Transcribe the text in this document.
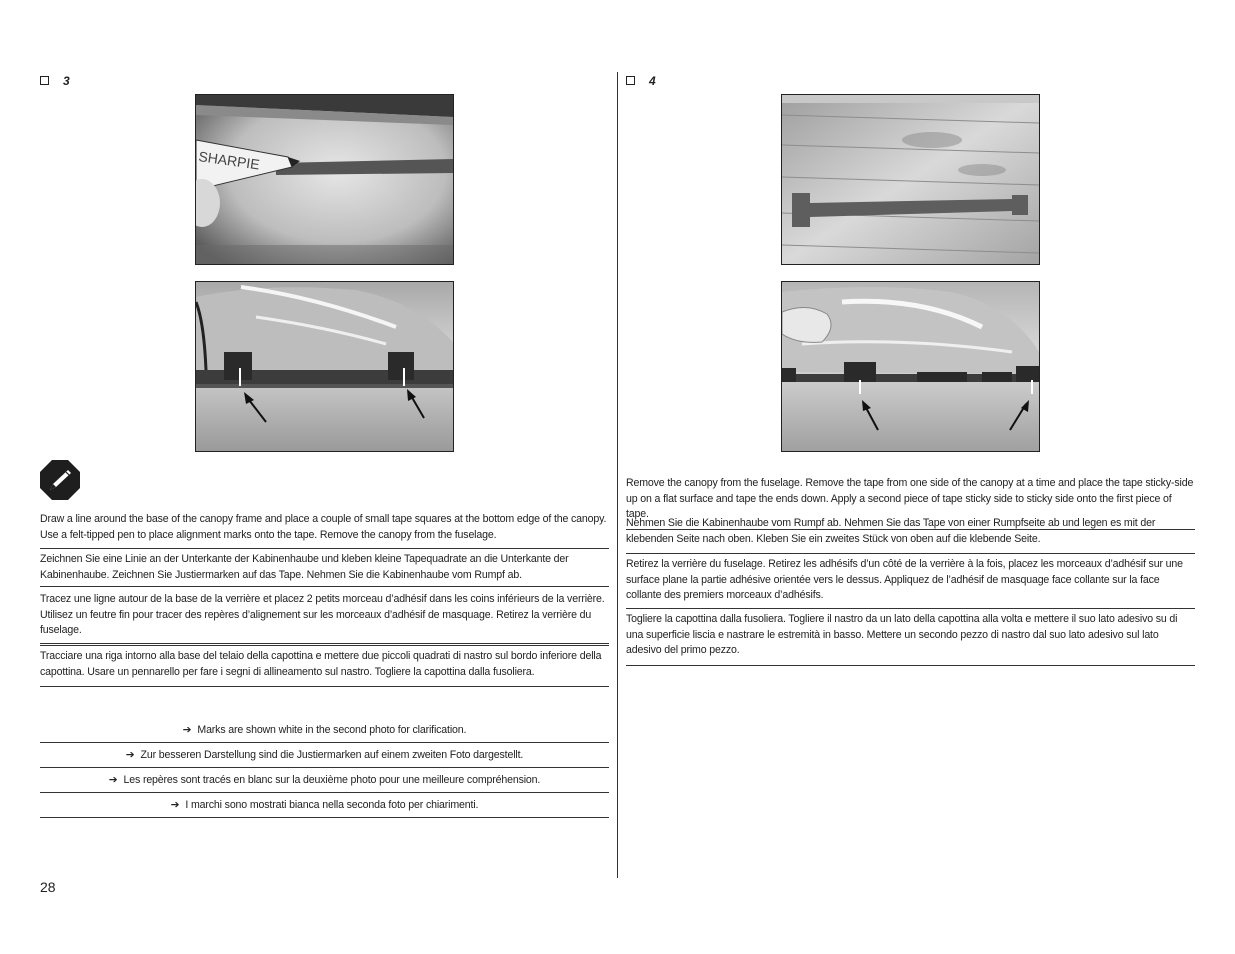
3
SHARPIE
Draw a line around the base of the canopy frame and place a couple of small tape squares at the bottom edge of the canopy. Use a felt-tipped pen to place alignment marks onto the tape. Remove the canopy from the fuselage.
Zeichnen Sie eine Linie an der Unterkante der Kabinenhaube und kleben kleine Tapequadrate an die Unterkante der Kabinenhaube. Zeichnen Sie Justiermarken auf das Tape. Nehmen Sie die Kabinenhaube vom Rumpf ab.
Tracez une ligne autour de la base de la verrière et placez 2 petits morceau d’adhésif dans les coins inférieurs de la verrière. Utilisez un feutre fin pour tracer des repères d’alignement sur les morceaux d’adhésif de masquage. Retirez la verrière du fuselage.
Tracciare una riga intorno alla base del telaio della capottina e mettere due piccoli quadrati di nastro sul bordo inferiore della capottina. Usare un pennarello per fare i segni di allineamento sul nastro. Togliere la capottina dalla fusoliera.
➔ Marks are shown white in the second photo for clarification.
➔ Zur besseren Darstellung sind die Justiermarken auf einem zweiten Foto dargestellt.
➔ Les repères sont tracés en blanc sur la deuxième photo pour une meilleure compréhension.
➔ I marchi sono mostrati bianca nella seconda foto per chiarimenti.
4
Remove the canopy from the fuselage. Remove the tape from one side of the canopy at a time and place the tape sticky-side up on a flat surface and tape the ends down. Apply a second piece of tape sticky side to sticky side onto the first piece of tape.
Nehmen Sie die Kabinenhaube vom Rumpf ab. Nehmen Sie das Tape von einer Rumpfseite ab und legen es mit der klebenden Seite nach oben. Kleben Sie ein zweites Stück von oben auf die klebende Seite.
Retirez la verrière du fuselage. Retirez les adhésifs d’un côté de la verrière à la fois, placez les morceaux d’adhésif sur une surface plane la partie adhésive orientée vers le dessus. Appliquez de l’adhésif de masquage face collante sur la face collante des premiers morceaux d’adhésifs.
Togliere la capottina dalla fusoliera. Togliere il nastro da un lato della capottina alla volta e mettere il suo lato adesivo su di una superficie liscia e nastrare le estremità in basso. Mettere un secondo pezzo di nastro dal suo lato adesivo sul lato adesivo del primo pezzo.
28
